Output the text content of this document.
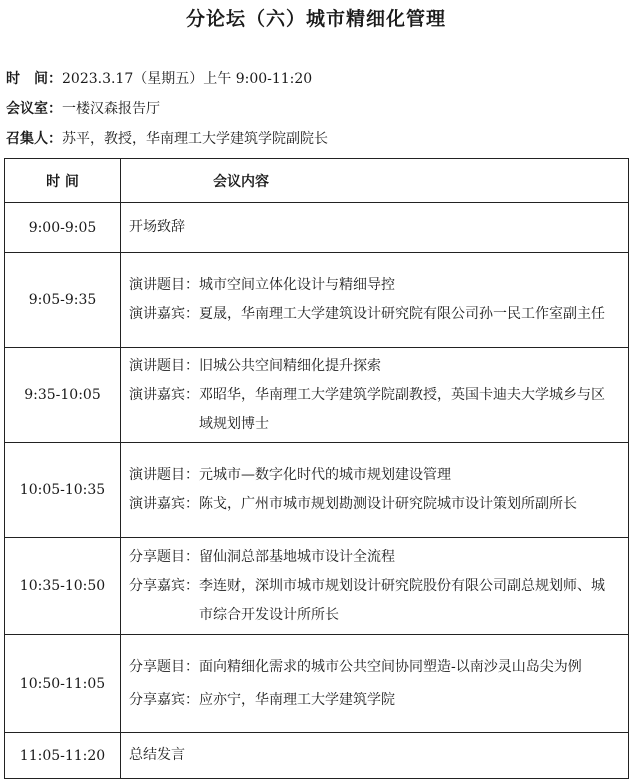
分论坛（六）城市精细化管理
时　间：2023.3.17（星期五）上午 9:00-11:20
会议室：一楼汉森报告厅
召集人：苏平，教授，华南理工大学建筑学院副院长
时 间	会议内容
9:00-9:05	开场致辞
9:05-9:35	演讲题目： 城市空间立体化设计与精细导控
演讲嘉宾： 夏晟，华南理工大学建筑设计研究院有限公司孙一民工作室副主任

9:35-10:05	演讲题目： 旧城公共空间精细化提升探索
演讲嘉宾： 邓昭华，华南理工大学建筑学院副教授，英国卡迪夫大学城乡与区域规划博士

10:05-10:35	演讲题目： 元城市—数字化时代的城市规划建设管理
演讲嘉宾： 陈戈，广州市城市规划勘测设计研究院城市设计策划所副所长

10:35-10:50	分享题目： 留仙洞总部基地城市设计全流程
分享嘉宾： 李连财，深圳市城市规划设计研究院股份有限公司副总规划师、城市综合开发设计所所长

10:50-11:05	分享题目： 面向精细化需求的城市公共空间协同塑造-以南沙灵山岛尖为例
分享嘉宾： 应亦宁，华南理工大学建筑学院

11:05-11:20	总结发言
